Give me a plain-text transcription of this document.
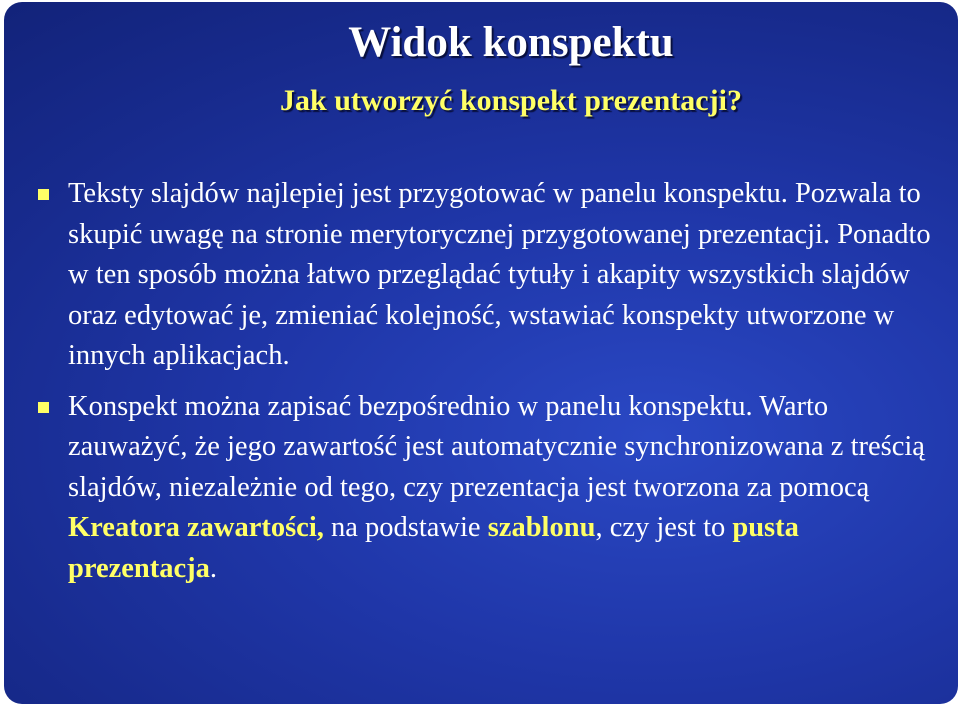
Widok konspektu
Jak utworzyć konspekt prezentacji?
Teksty slajdów najlepiej jest przygotować w panelu konspektu. Pozwala to skupić uwagę na stronie merytorycznej przygotowanej prezentacji. Ponadto w ten sposób można łatwo przeglądać tytuły i akapity wszystkich slajdów oraz edytować je, zmieniać kolejność, wstawiać konspekty utworzone w innych aplikacjach.
Konspekt można zapisać bezpośrednio w panelu konspektu. Warto zauważyć, że jego zawartość jest automatycznie synchronizowana z treścią slajdów, niezależnie od tego, czy prezentacja jest tworzona za pomocą Kreatora zawartości, na podstawie szablonu, czy jest to pusta prezentacja.
